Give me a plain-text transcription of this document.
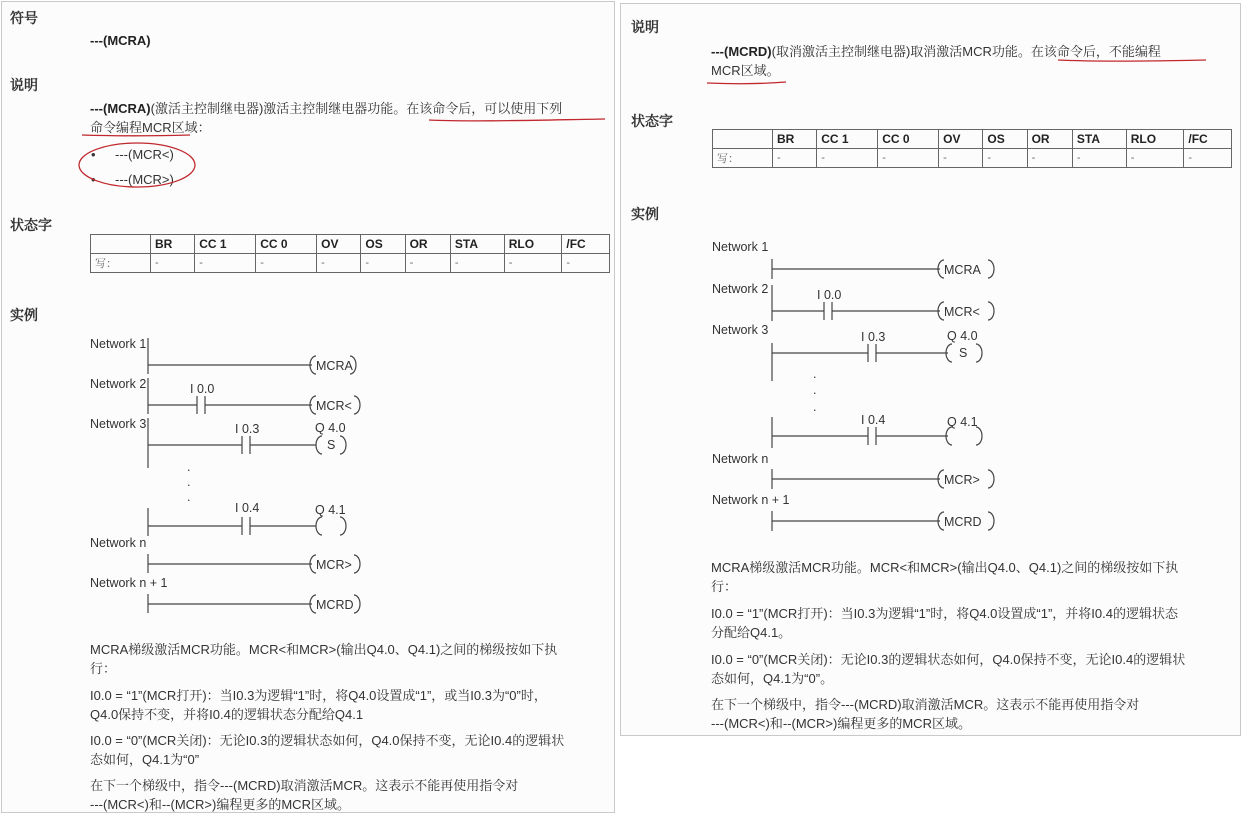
符号
---(MCRA)
说明
---(MCRA)(激活主控制继电器)激活主控制继电器功能。在该命令后，可以使用下列
命令编程MCR区域：
• ---(MCR<)
• ---(MCR>)
状态字
	BR	CC 1	CC 0	OV	OS	OR	STA	RLO	/FC
写：	-	-	-	-	-	-	-	-	-
实例
Network 1
MCRA
Network 2	I 0.0
MCR<
Network 3	I 0.3	Q 4.0
S
.
.
.
I 0.4	Q 4.1
Network n
MCR>
Network n + 1
MCRD
MCRA梯级激活MCR功能。MCR<和MCR>(输出Q4.0、Q4.1)之间的梯级按如下执
行：
I0.0 = “1”(MCR打开)：当I0.3为逻辑“1”时，将Q4.0设置成“1”，或当I0.3为“0”时，
Q4.0保持不变，并将I0.4的逻辑状态分配给Q4.1
I0.0 = “0”(MCR关闭)：无论I0.3的逻辑状态如何，Q4.0保持不变，无论I0.4的逻辑状
态如何，Q4.1为“0”
在下一个梯级中，指令---(MCRD)取消激活MCR。这表示不能再使用指令对
---(MCR<)和--(MCR>)编程更多的MCR区域。
说明
---(MCRD)(取消激活主控制继电器)取消激活MCR功能。在该命令后，不能编程
MCR区域。
状态字
	BR	CC 1	CC 0	OV	OS	OR	STA	RLO	/FC
写：	-	-	-	-	-	-	-	-	-
实例
Network 1
MCRA
Network 2	I 0.0
MCR<
Network 3	I 0.3	Q 4.0
S
.
.
.
I 0.4	Q 4.1
Network n
MCR>
Network n + 1
MCRD
MCRA梯级激活MCR功能。MCR<和MCR>(输出Q4.0、Q4.1)之间的梯级按如下执
行：
I0.0 = “1”(MCR打开)：当I0.3为逻辑“1”时，将Q4.0设置成“1”，并将I0.4的逻辑状态
分配给Q4.1。
I0.0 = “0”(MCR关闭)：无论I0.3的逻辑状态如何，Q4.0保持不变，无论I0.4的逻辑状
态如何，Q4.1为“0”。
在下一个梯级中，指令---(MCRD)取消激活MCR。这表示不能再使用指令对
---(MCR<)和--(MCR>)编程更多的MCR区域。
